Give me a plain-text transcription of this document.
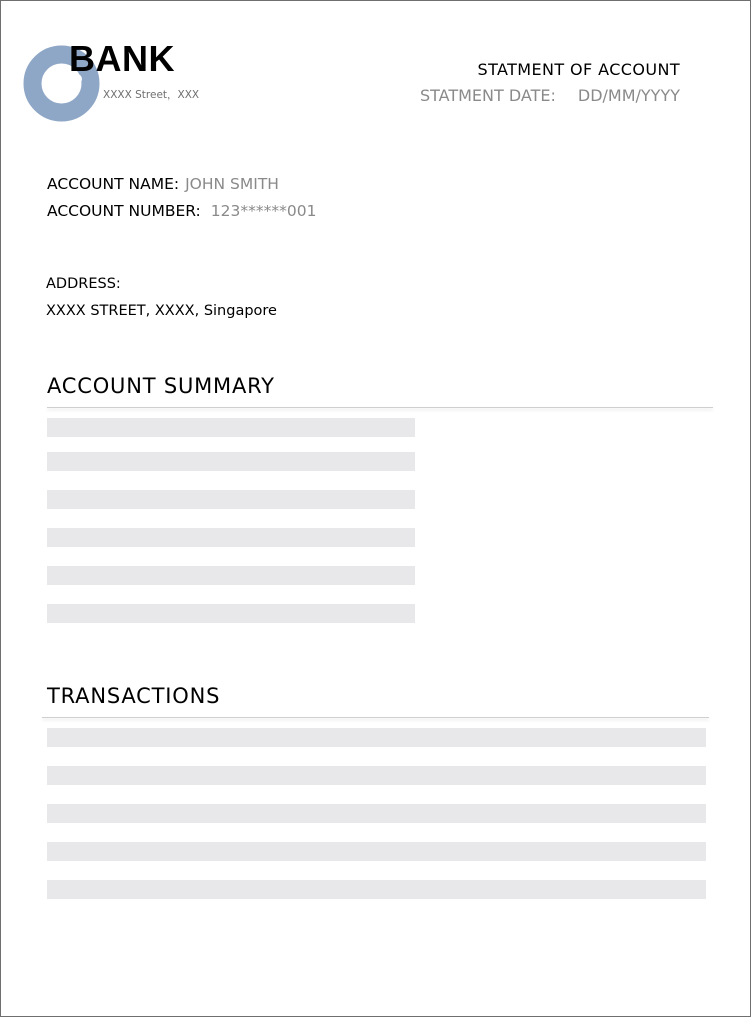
BANK
XXXX Street，XXX
STATMENT OF ACCOUNT
STATMENT DATE: DD/MM/YYYY
ACCOUNT NAME: JOHN SMITH
ACCOUNT NUMBER: 123******001
ADDRESS:
XXXX STREET, XXXX, Singapore
ACCOUNT SUMMARY
TRANSACTIONS
